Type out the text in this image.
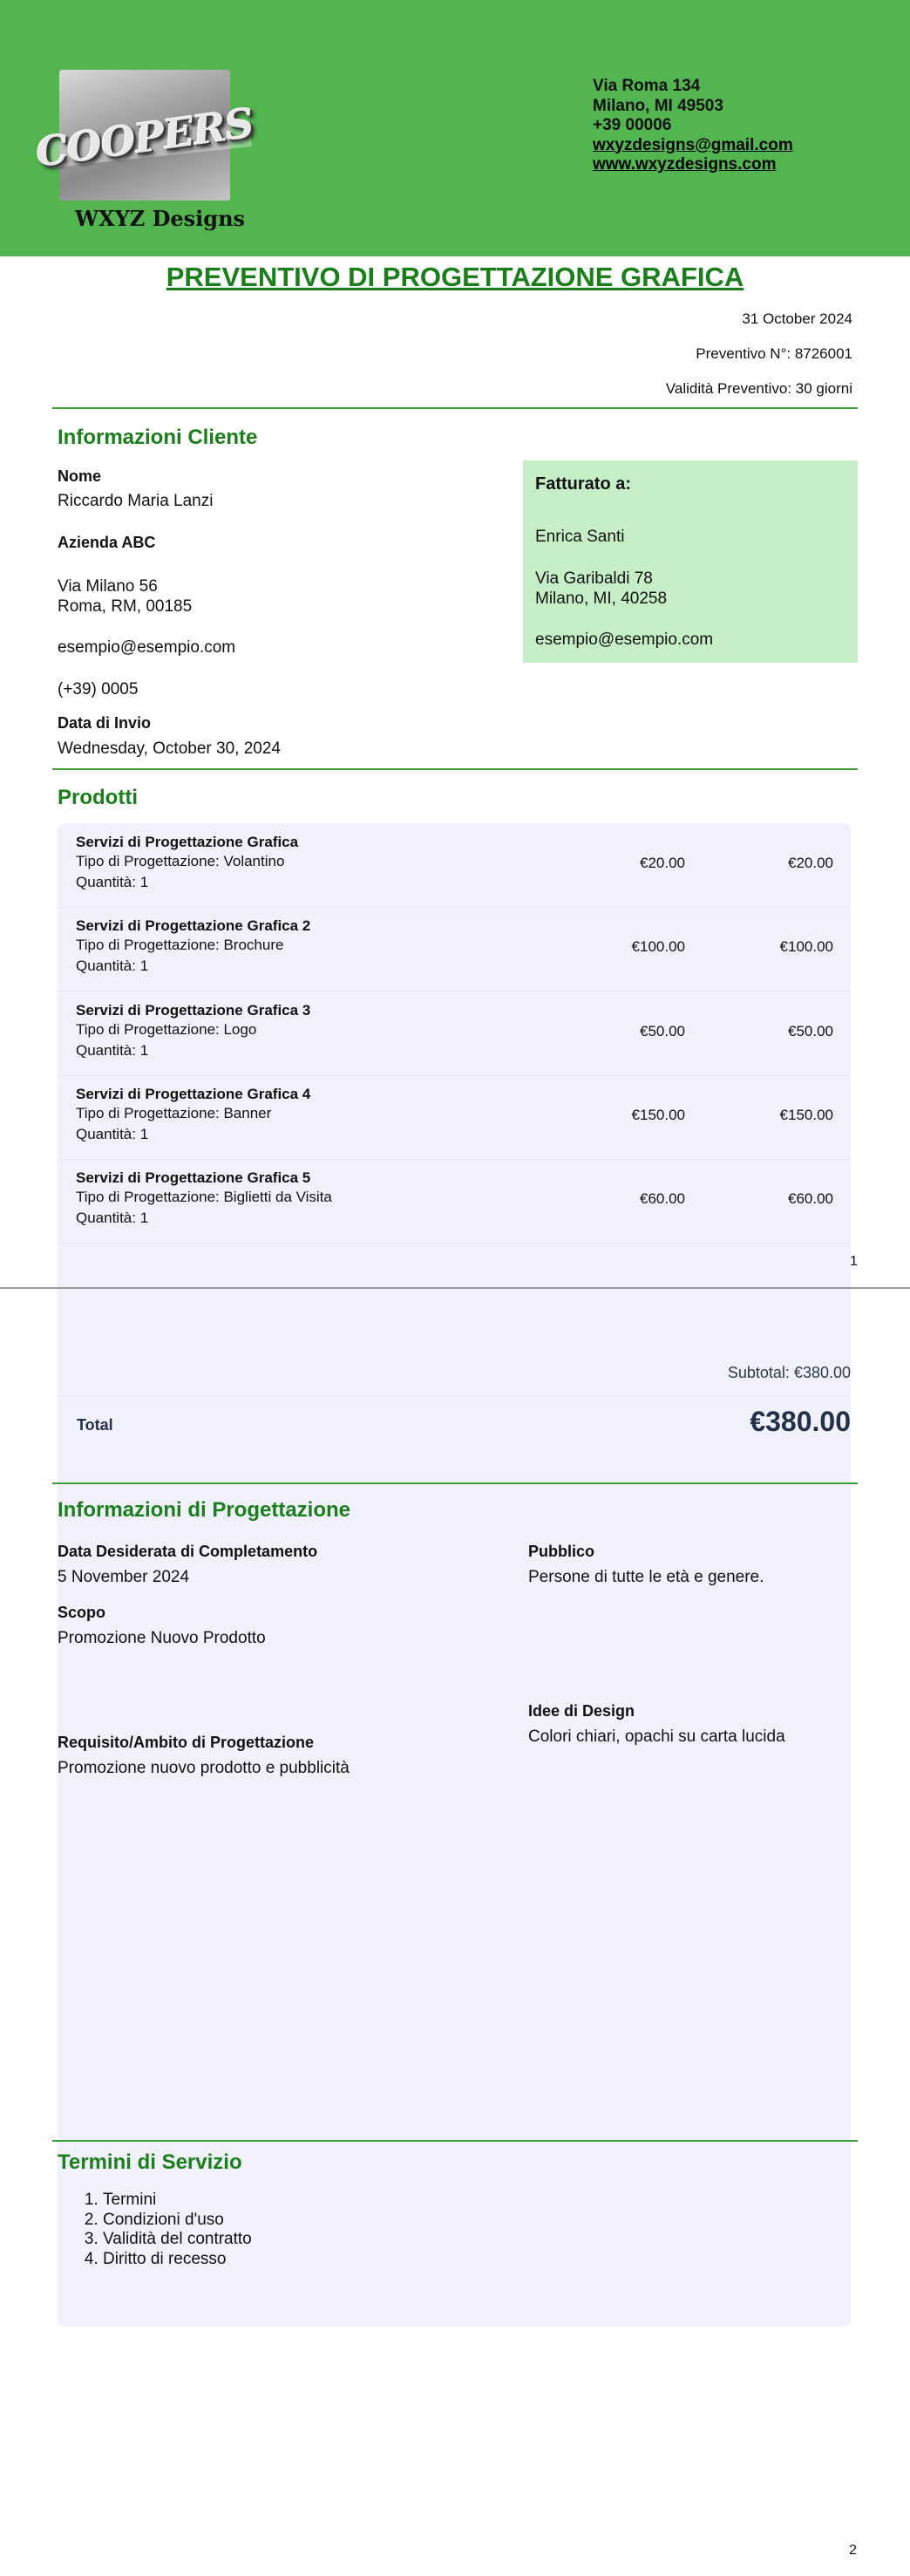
COOPERS
WXYZ Designs
Via Roma 134
Milano, MI 49503
+39 00006
wxyzdesigns@gmail.com
www.wxyzdesigns.com
PREVENTIVO DI PROGETTAZIONE GRAFICA
31 October 2024
Preventivo N°: 8726001
Validità Preventivo: 30 giorni
Informazioni Cliente
Nome
Riccardo Maria Lanzi
Azienda ABC
Via Milano 56
Roma, RM, 00185
esempio@esempio.com
(+39) 0005
Data di Invio
Wednesday, October 30, 2024
Fatturato a:
Enrica Santi
Via Garibaldi 78
Milano, MI, 40258
esempio@esempio.com
Prodotti
Servizi di Progettazione Grafica
Tipo di Progettazione: Volantino
Quantità: 1
€20.00	€20.00
Servizi di Progettazione Grafica 2
Tipo di Progettazione: Brochure
Quantità: 1
€100.00	€100.00
Servizi di Progettazione Grafica 3
Tipo di Progettazione: Logo
Quantità: 1
€50.00	€50.00
Servizi di Progettazione Grafica 4
Tipo di Progettazione: Banner
Quantità: 1
€150.00	€150.00
Servizi di Progettazione Grafica 5
Tipo di Progettazione: Biglietti da Visita
Quantità: 1
€60.00	€60.00
1
Subtotal: €380.00
Total	€380.00
Informazioni di Progettazione
Data Desiderata di Completamento
5 November 2024
Pubblico
Persone di tutte le età e genere.
Scopo
Promozione Nuovo Prodotto
Idee di Design
Colori chiari, opachi su carta lucida
Requisito/Ambito di Progettazione
Promozione nuovo prodotto e pubblicità
Termini di Servizio
1. Termini
2. Condizioni d'uso
3. Validità del contratto
4. Diritto di recesso
2
